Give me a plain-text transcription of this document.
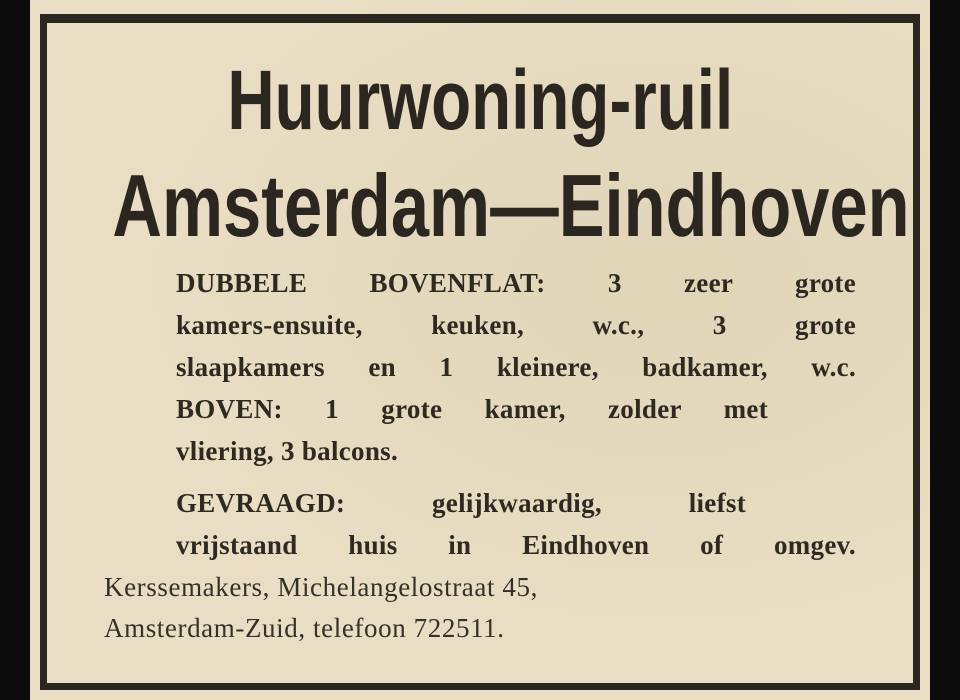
Huurwoning-ruil
Amsterdam—Eindhoven
DUBBELE BOVENFLAT: 3 zeer grote
kamers-ensuite, keuken, w.c., 3 grote
slaapkamers en 1 kleinere, badkamer, w.c.
BOVEN: 1 grote kamer, zolder met
vliering, 3 balcons.
GEVRAAGD: gelijkwaardig, liefst
vrijstaand huis in Eindhoven of omgev.
Kerssemakers, Michelangelostraat 45,
Amsterdam-Zuid, telefoon 722511.
